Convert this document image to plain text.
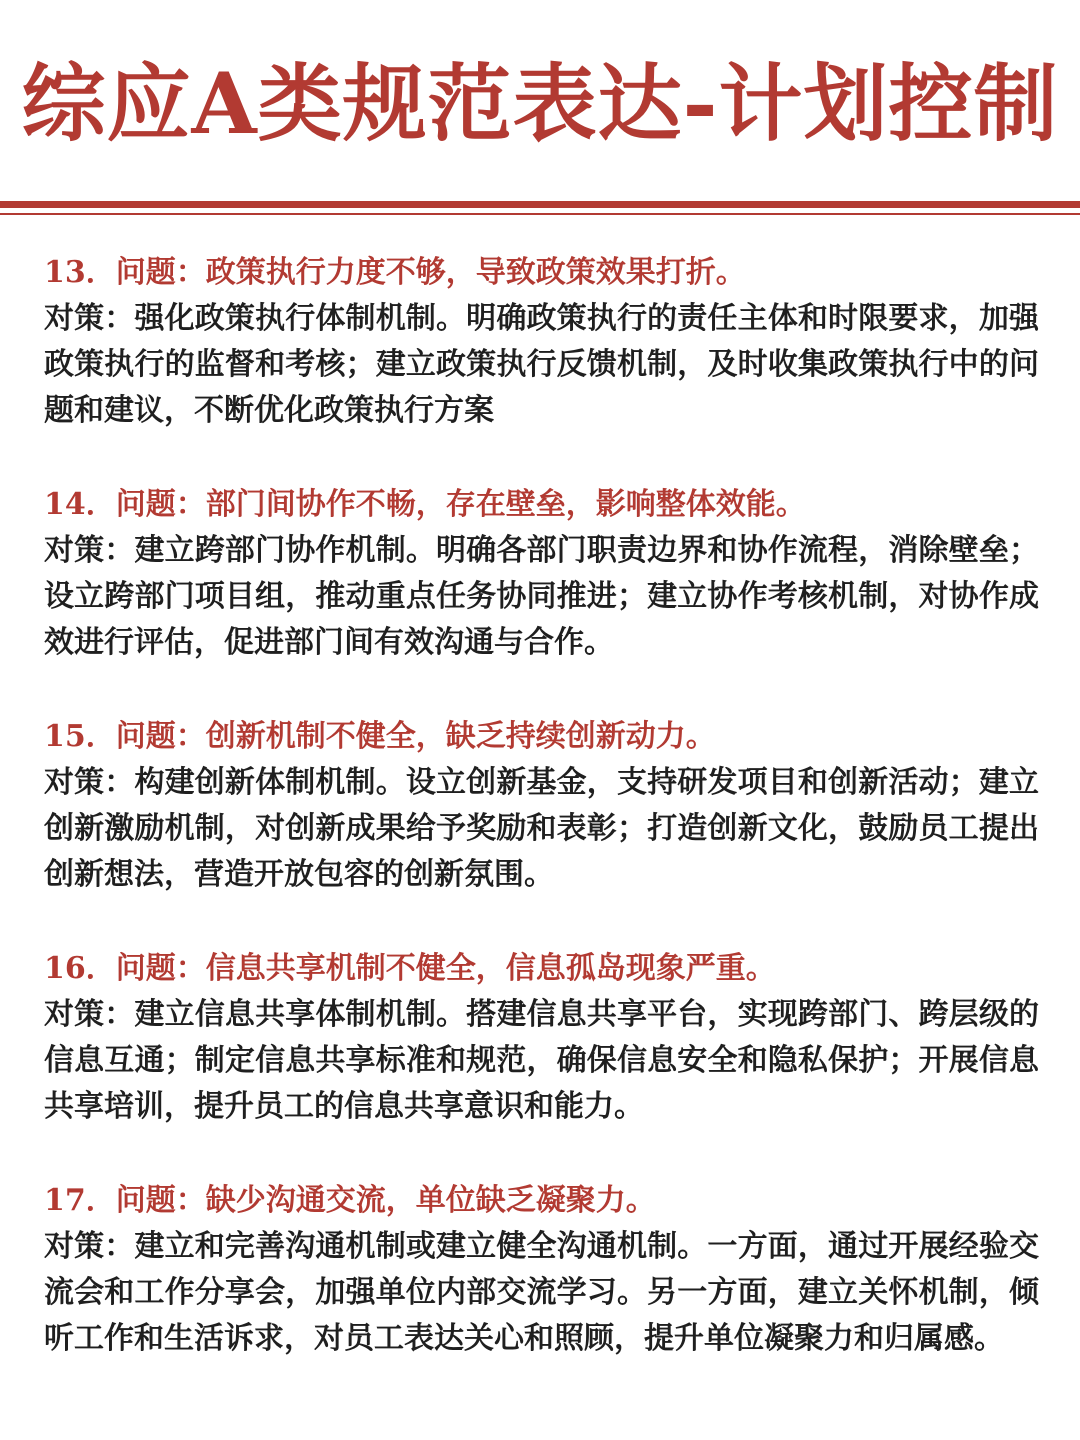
综应A类规范表达-计划控制
13．问题：政策执行力度不够，导致政策效果打折。
对策：强化政策执行体制机制。明确政策执行的责任主体和时限要求，加强政策执行的监督和考核；建立政策执行反馈机制，及时收集政策执行中的问题和建议，不断优化政策执行方案
14．问题：部门间协作不畅，存在壁垒，影响整体效能。
对策：建立跨部门协作机制。明确各部门职责边界和协作流程，消除壁垒；设立跨部门项目组，推动重点任务协同推进；建立协作考核机制，对协作成效进行评估，促进部门间有效沟通与合作。
15．问题：创新机制不健全，缺乏持续创新动力。
对策：构建创新体制机制。设立创新基金，支持研发项目和创新活动；建立创新激励机制，对创新成果给予奖励和表彰；打造创新文化，鼓励员工提出创新想法，营造开放包容的创新氛围。
16．问题：信息共享机制不健全，信息孤岛现象严重。
对策：建立信息共享体制机制。搭建信息共享平台，实现跨部门、跨层级的信息互通；制定信息共享标准和规范，确保信息安全和隐私保护；开展信息共享培训，提升员工的信息共享意识和能力。
17．问题：缺少沟通交流，单位缺乏凝聚力。
对策：建立和完善沟通机制或建立健全沟通机制。一方面，通过开展经验交流会和工作分享会，加强单位内部交流学习。另一方面，建立关怀机制，倾听工作和生活诉求，对员工表达关心和照顾，提升单位凝聚力和归属感。
